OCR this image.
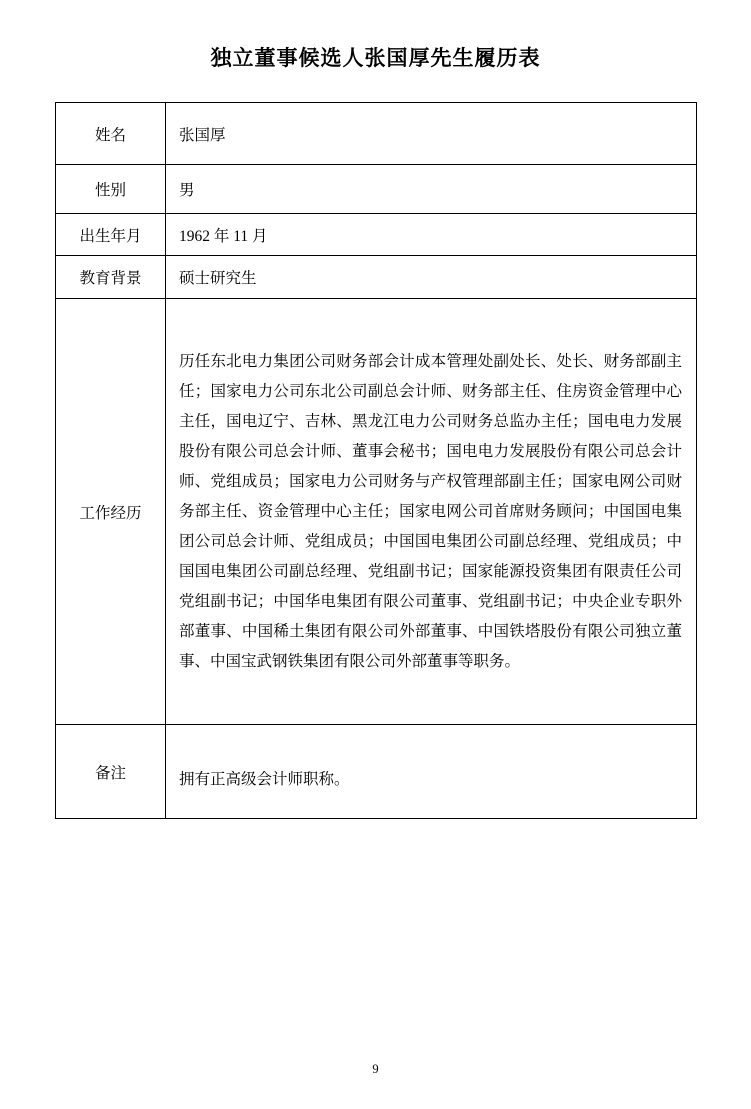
独立董事候选人张国厚先生履历表
姓名	张国厚
性别	男
出生年月	1962 年 11 月
教育背景	硕士研究生
工作经历	历任东北电力集团公司财务部会计成本管理处副处长、处长、财务部副主任；国家电力公司东北公司副总会计师、财务部主任、住房资金管理中心主任，国电辽宁、吉林、黑龙江电力公司财务总监办主任；国电电力发展股份有限公司总会计师、董事会秘书；国电电力发展股份有限公司总会计师、党组成员；国家电力公司财务与产权管理部副主任；国家电网公司财务部主任、资金管理中心主任；国家电网公司首席财务顾问；中国国电集团公司总会计师、党组成员；中国国电集团公司副总经理、党组成员；中国国电集团公司副总经理、党组副书记；国家能源投资集团有限责任公司党组副书记；中国华电集团有限公司董事、党组副书记；中央企业专职外部董事、中国稀土集团有限公司外部董事、中国铁塔股份有限公司独立董事、中国宝武钢铁集团有限公司外部董事等职务。
备注	拥有正高级会计师职称。
9
